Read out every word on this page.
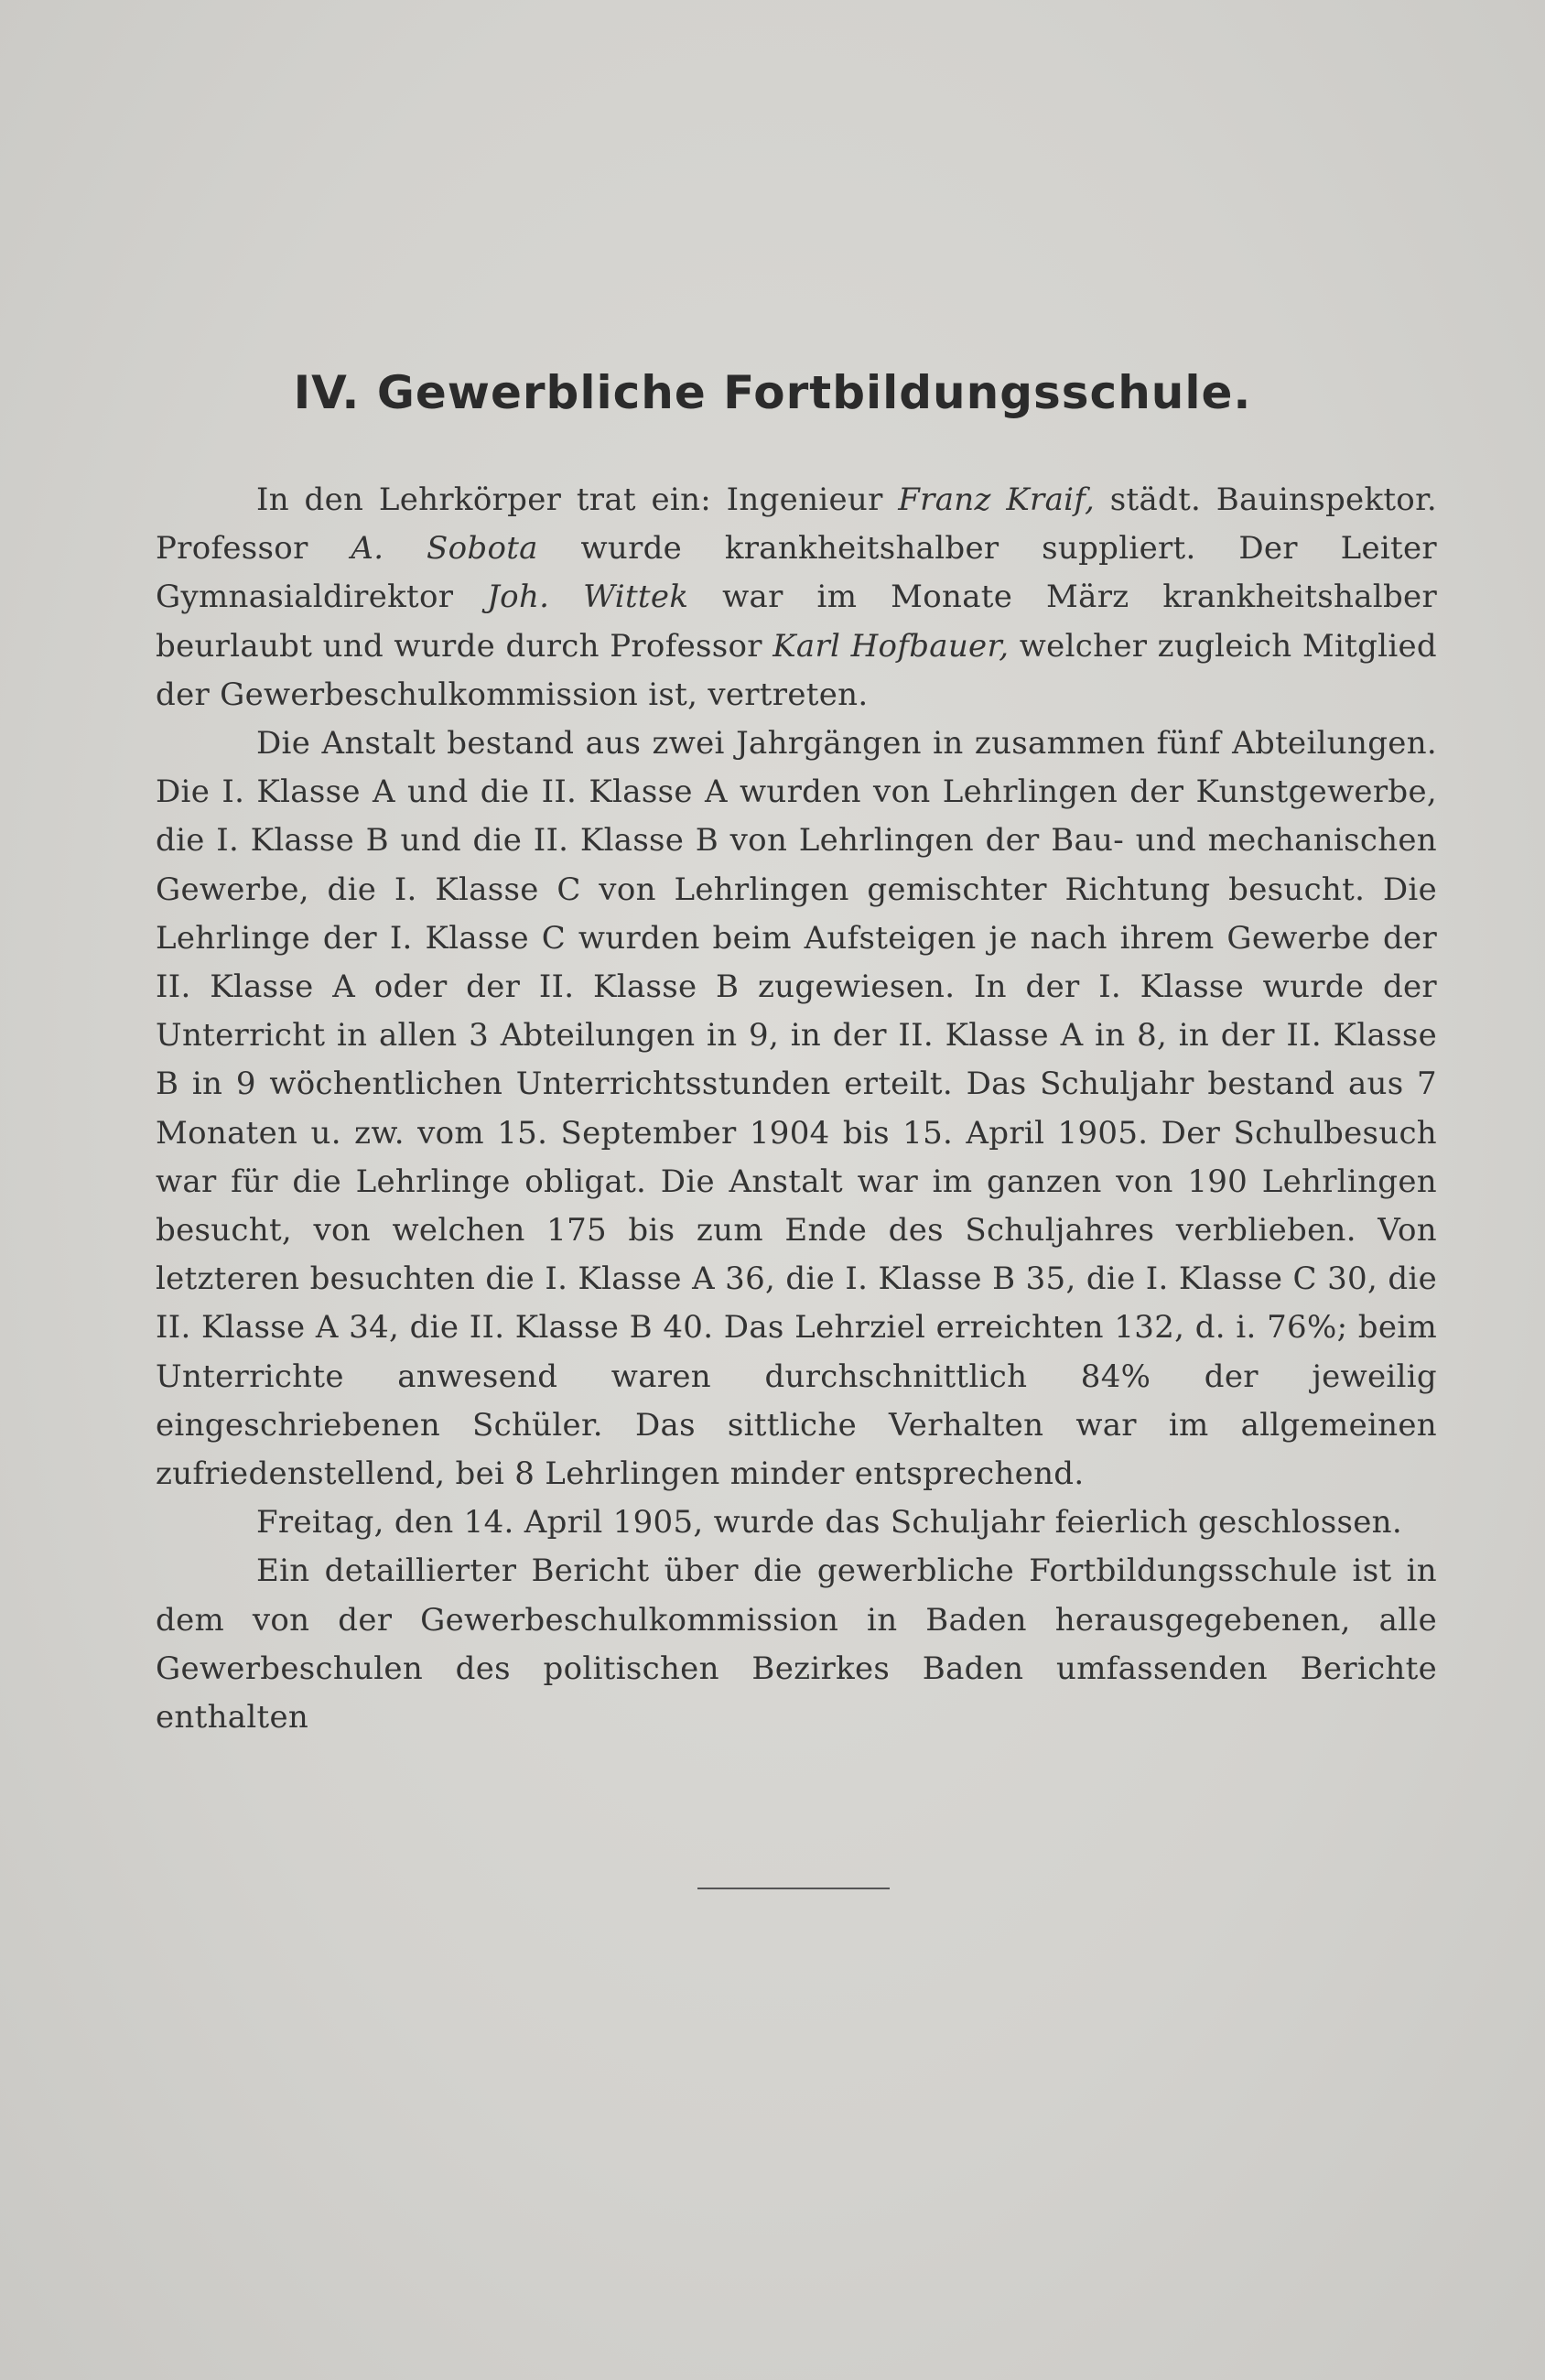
IV. Gewerbliche Fortbildungsschule.

In den Lehrkörper trat ein: Ingenieur Franz Kraif, städt. Bauinspektor. Professor A. Sobota wurde krankheitshalber suppliert. Der Leiter Gymnasialdirektor Joh. Wittek war im Monate März krankheitshalber beurlaubt und wurde durch Professor Karl Hofbauer, welcher zugleich Mitglied der Gewerbeschulkommission ist, vertreten.

Die Anstalt bestand aus zwei Jahrgängen in zusammen fünf Abteilungen. Die I. Klasse A und die II. Klasse A wurden von Lehrlingen der Kunstgewerbe, die I. Klasse B und die II. Klasse B von Lehrlingen der Bau- und mechanischen Gewerbe, die I. Klasse C von Lehrlingen gemischter Richtung besucht. Die Lehrlinge der I. Klasse C wurden beim Aufsteigen je nach ihrem Gewerbe der II. Klasse A oder der II. Klasse B zugewiesen. In der I. Klasse wurde der Unterricht in allen 3 Abteilungen in 9, in der II. Klasse A in 8, in der II. Klasse B in 9 wöchentlichen Unterrichtsstunden erteilt. Das Schuljahr bestand aus 7 Monaten u. zw. vom 15. September 1904 bis 15. April 1905. Der Schulbesuch war für die Lehrlinge obligat. Die Anstalt war im ganzen von 190 Lehrlingen besucht, von welchen 175 bis zum Ende des Schuljahres verblieben. Von letzteren besuchten die I. Klasse A 36, die I. Klasse B 35, die I. Klasse C 30, die II. Klasse A 34, die II. Klasse B 40. Das Lehrziel erreichten 132, d. i. 76%; beim Unterrichte anwesend waren durchschnittlich 84% der jeweilig eingeschriebenen Schüler. Das sittliche Verhalten war im allgemeinen zufriedenstellend, bei 8 Lehrlingen minder entsprechend.

Freitag, den 14. April 1905, wurde das Schuljahr feierlich geschlossen.

Ein detaillierter Bericht über die gewerbliche Fortbildungsschule ist in dem von der Gewerbeschulkommission in Baden herausgegebenen, alle Gewerbeschulen des politischen Bezirkes Baden umfassenden Berichte enthalten
